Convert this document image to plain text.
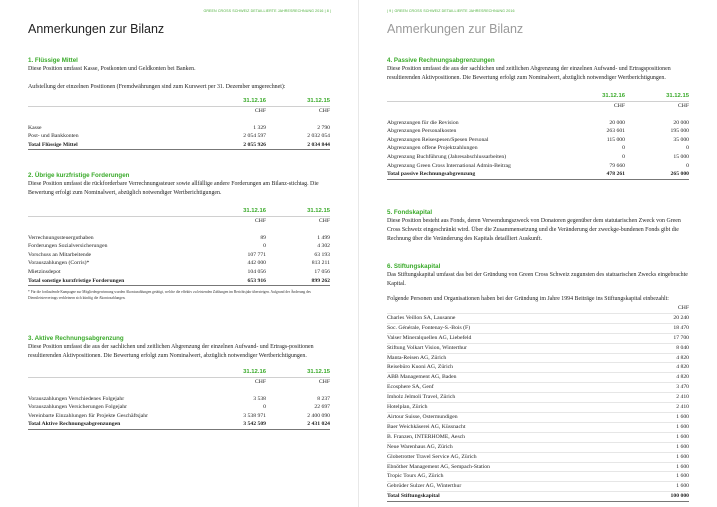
GREEN CROSS SCHWEIZ DETAILLIERTE JAHRESRECHNUNG 2016 | 8 |
Anmerkungen zur Bilanz
1. Flüssige Mittel

Diese Position umfasst Kasse, Postkonten und Geldkonten bei Banken.

Aufstellung der einzelnen Positionen (Fremdwährungen sind zum Kurswert per 31. Dezember umgerechnet):

	31.12.16	31.12.15
	CHF	CHF

Kasse	1 329	2 790
Post- und Bankkonten	2 054 597	2 032 054
Total Flüssige Mittel	2 055 926	2 034 844
2. Übrige kurzfristige Forderungen

Diese Position umfasst die rückforderbare Verrechnungssteuer sowie allfällige andere Forderungen am Bilanz-stichtag. Die Bewertung erfolgt zum Nominalwert, abzüglich notwendiger Wertberichtigungen.

	31.12.16	31.12.15
	CHF	CHF

Verrechnungssteuerguthaben	89	1 499
Forderungen Sozialversicherungen	0	4 302
Vorschuss an Mitarbeitende	107 771	63 193
Vorauszahlungen (Corris)*	442 000	813 211
Mietzinsdepot	104 056	17 056
Total sonstige kurzfristige Forderungen	653 916	899 262

* Für die fortlaufende Kampagne zur Mitgliedergewinnung wurden Akontozahlungen getätigt, welche die effektiv zu leistenden Zahlungen im Berichtsjahr übersteigen. Aufgrund der Änderung des Dienstleistervertrags verkleinern sich künftig die Akontozahlungen.

3. Aktive Rechnungsabgrenzung

Diese Position umfasst die aus der sachlichen und zeitlichen Abgrenzung der einzelnen Aufwand- und Ertrags-positionen resultierenden Aktivpositionen. Die Bewertung erfolgt zum Nominalwert, abzüglich notwendiger Wertberichtigungen.

	31.12.16	31.12.15
	CHF	CHF

Vorauszahlungen Verschiedenes Folgejahr	3 538	8 237
Vorauszahlungen Versicherungen Folgejahr	0	22 697
Vereinbarte Einzahlungen für Projekte Geschäftsjahr	3 538 971	2 400 090
Total Aktive Rechnungsabgrenzungen	3 542 509	2 431 024
| 9 | GREEN CROSS SCHWEIZ DETAILLIERTE JAHRESRECHNUNG 2016
Anmerkungen zur Bilanz
4. Passive Rechnungsabgrenzungen

Diese Position umfasst die aus der sachlichen und zeitlichen Abgrenzung der einzelnen Aufwand- und Ertragspositionen resultierenden Aktivpositionen. Die Bewertung erfolgt zum Nominalwert, abzüglich notwendiger Wertberichtigungen.

	31.12.16	31.12.15
	CHF	CHF

Abgrenzungen für die Revision	20 000	20 000
Abgrenzungen Personalkosten	263 601	195 000
Abgrenzungen Reisespesen/Spesen Personal	115 000	35 000
Abgrenzungen offene Projektzahlungen	0	0
Abgrenzung Buchführung (Jahresabschlussarbeiten)	0	15 000
Abgrenzung Green Cross International Admin-Beitrag	79 660	0
Total passive Rechnungsabgrenzung	478 261	265 000
5. Fondskapital

Diese Position besteht aus Fonds, deren Verwendungszweck von Donatoren gegenüber dem statutarischen Zweck von Green Cross Schweiz eingeschränkt wird. Über die Zusammensetzung und die Veränderung der zweckge-bundenen Fonds gibt die Rechnung über die Veränderung des Kapitals detailliert Auskunft.

6. Stiftungskapital

Das Stiftungskapital umfasst das bei der Gründung von Green Cross Schweiz zugunsten des statuarischen Zwecks eingebrachte Kapital.

Folgende Personen und Organisationen haben bei der Gründung im Jahre 1994 Beiträge ins Stiftungskapital einbezahlt:

	CHF
Charles Veillon SA, Lausanne	20 240
Soc. Générale, Fontenay-S.-Bois (F)	18 470
Valser Mineralquellen AG, Liebefeld	17 700
Stiftung Volkart Vision, Winterthur	8 040
Manta-Reisen AG, Zürich	4 820
Reisebüro Kuoni AG, Zürich	4 820
ABB Management AG, Baden	4 820
Ecosphere SA, Genf	3 470
Imholz Jelmoli Travel, Zürich	2 410
Hotelplan, Zürich	2 410
Airtour Suisse, Ostermundigen	1 600
Baer Weichkäserei AG, Küssnacht	1 600
B. Franzen, INTERHOME, Aesch	1 600
Neue Warenhaus AG, Zürich	1 600
Globetrotter Travel Service AG, Zürich	1 600
Ebnöther Management AG, Sempach-Station	1 600
Tropic Tours AG, Zürich	1 600
Gebrüder Sulzer AG, Winterthur	1 600
Total Stiftungskapital	100 000
